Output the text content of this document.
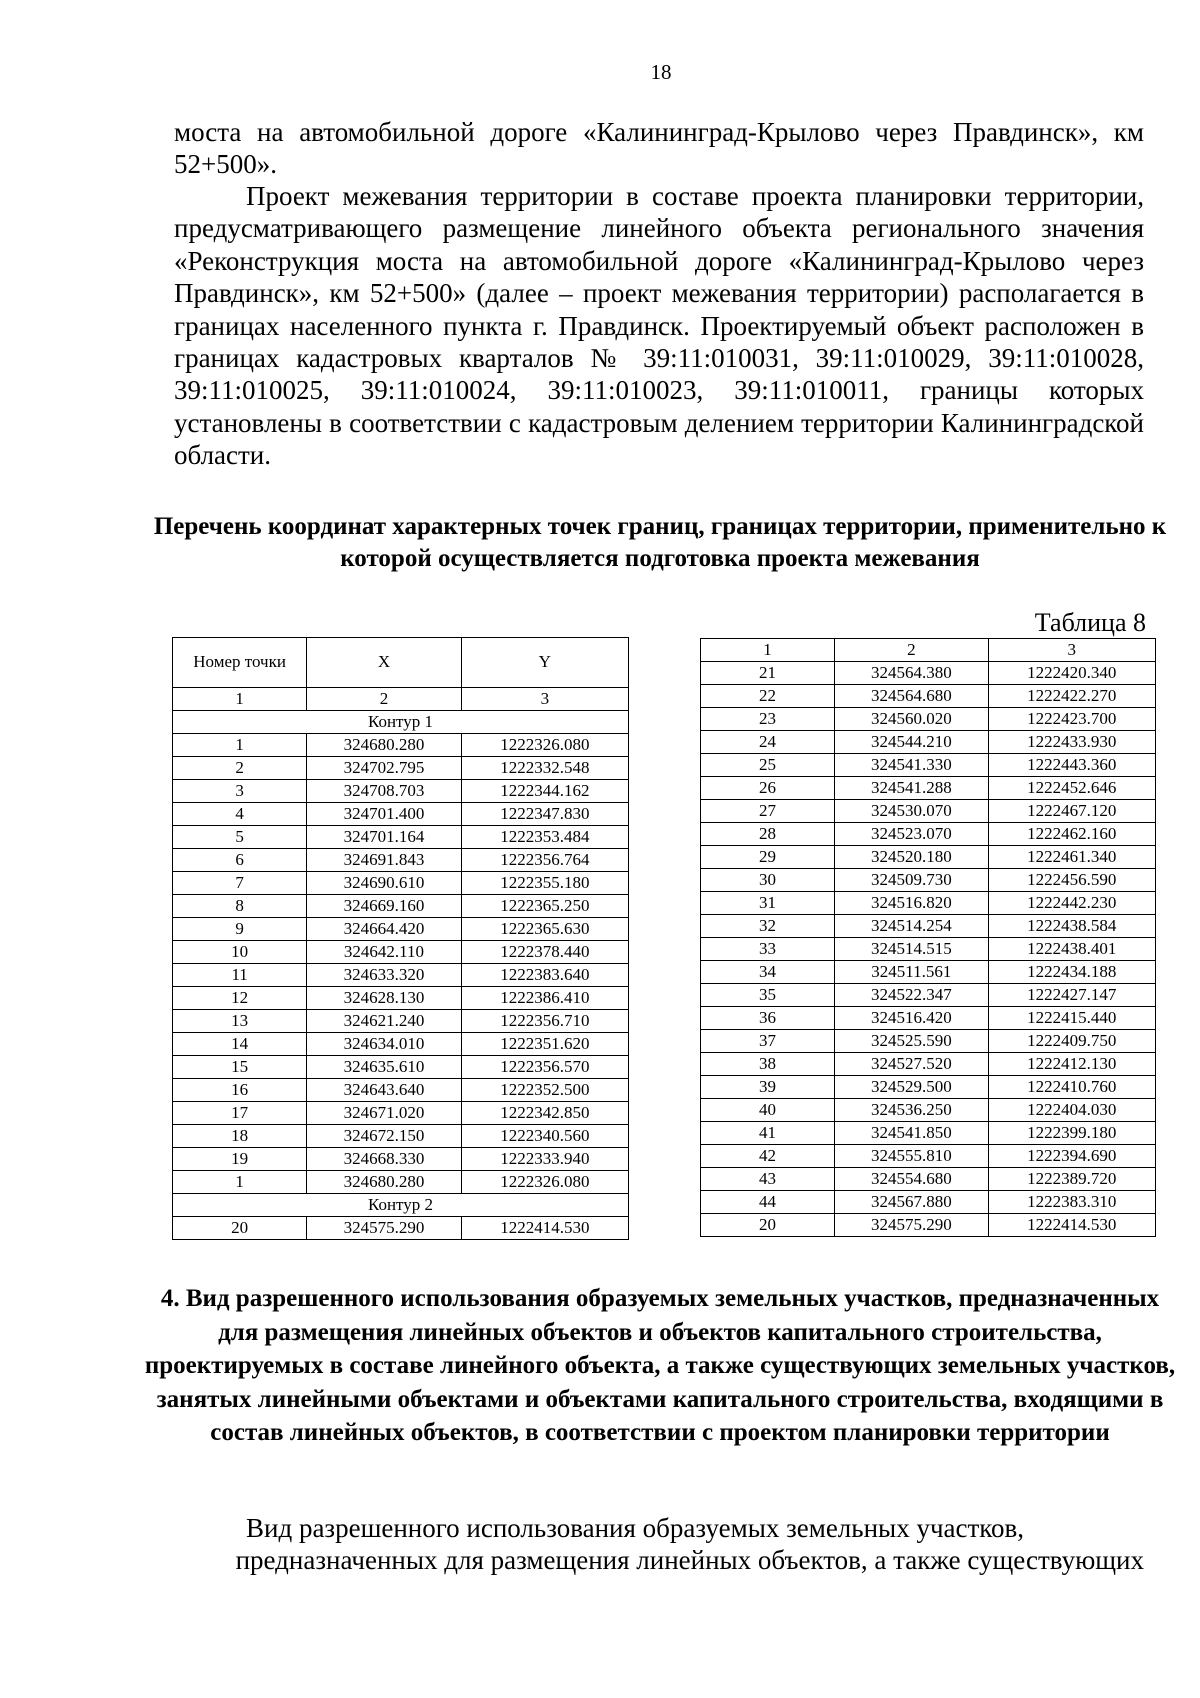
18

моста на автомобильной дороге «Калининград-Крылово через Правдинск», км 52+500».

Проект межевания территории в составе проекта планировки территории, предусматривающего размещение линейного объекта регионального значения «Реконструкция моста на автомобильной дороге «Калининград-Крылово через Правдинск», км 52+500» (далее – проект межевания территории) располагается в границах населенного пункта г. Правдинск. Проектируемый объект расположен в границах кадастровых кварталов № 39:11:010031, 39:11:010029, 39:11:010028, 39:11:010025, 39:11:010024, 39:11:010023, 39:11:010011, границы которых установлены в соответствии с кадастровым делением территории Калининградской области.

Перечень координат характерных точек границ, границах территории, применительно к которой осуществляется подготовка проекта межевания
Таблица 8
Номер точки	X	Y
1	2	3
Контур 1		
1	324680.280	1222326.080
2	324702.795	1222332.548
3	324708.703	1222344.162
4	324701.400	1222347.830
5	324701.164	1222353.484
6	324691.843	1222356.764
7	324690.610	1222355.180
8	324669.160	1222365.250
9	324664.420	1222365.630
10	324642.110	1222378.440
11	324633.320	1222383.640
12	324628.130	1222386.410
13	324621.240	1222356.710
14	324634.010	1222351.620
15	324635.610	1222356.570
16	324643.640	1222352.500
17	324671.020	1222342.850
18	324672.150	1222340.560
19	324668.330	1222333.940
1	324680.280	1222326.080
Контур 2		
20	324575.290	1222414.530
1	2	3
21	324564.380	1222420.340
22	324564.680	1222422.270
23	324560.020	1222423.700
24	324544.210	1222433.930
25	324541.330	1222443.360
26	324541.288	1222452.646
27	324530.070	1222467.120
28	324523.070	1222462.160
29	324520.180	1222461.340
30	324509.730	1222456.590
31	324516.820	1222442.230
32	324514.254	1222438.584
33	324514.515	1222438.401
34	324511.561	1222434.188
35	324522.347	1222427.147
36	324516.420	1222415.440
37	324525.590	1222409.750
38	324527.520	1222412.130
39	324529.500	1222410.760
40	324536.250	1222404.030
41	324541.850	1222399.180
42	324555.810	1222394.690
43	324554.680	1222389.720
44	324567.880	1222383.310
20	324575.290	1222414.530
4. Вид разрешенного использования образуемых земельных участков, предназначенных для размещения линейных объектов и объектов капитального строительства, проектируемых в составе линейного объекта, а также существующих земельных участков, занятых линейными объектами и объектами капитального строительства, входящими в состав линейных объектов, в соответствии с проектом планировки территории

Вид разрешенного использования образуемых земельных участков,

предназначенных для размещения линейных объектов, а также существующих
